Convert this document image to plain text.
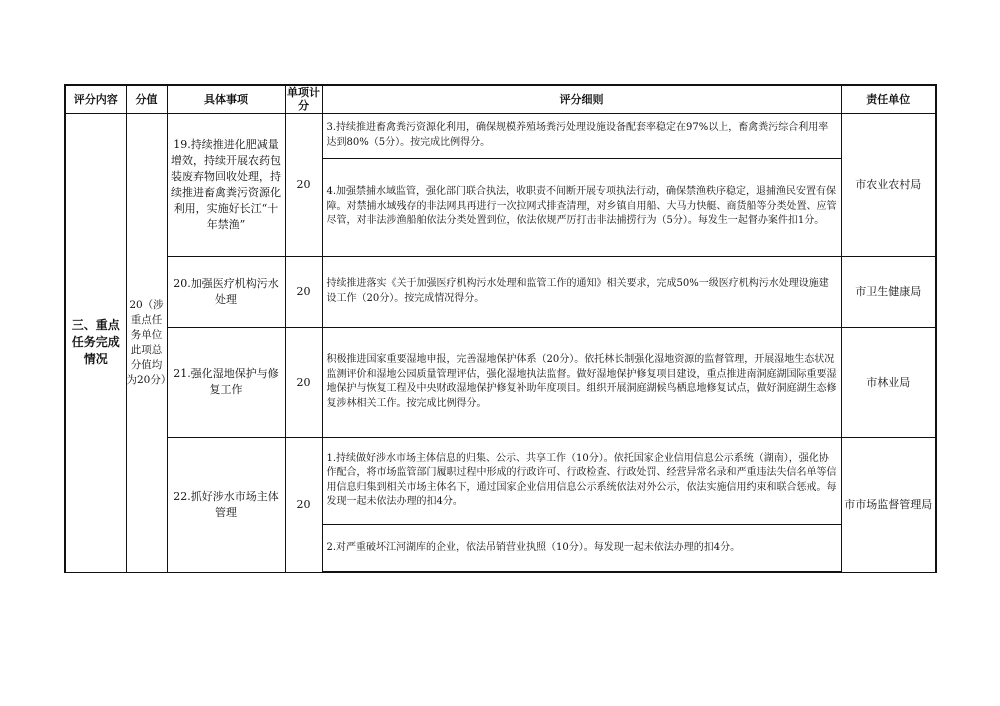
评分内容	分值	具体事项	单项计分	评分细则	责任单位
三、重点任务完成情况	20（涉重点任务单位此项总分值均为20分）	19.持续推进化肥减量增效，持续开展农药包装废弃物回收处理，持续推进畜禽粪污资源化利用，实施好长江“十年禁渔”	20	3.持续推进畜禽粪污资源化利用，确保规模养殖场粪污处理设施设备配套率稳定在97%以上，畜禽粪污综合利用率达到80%（5分）。按完成比例得分。	市农业农村局
				4.加强禁捕水域监管，强化部门联合执法，收职责不间断开展专项执法行动，确保禁渔秩序稳定，退捕渔民安置有保障。对禁捕水域残存的非法网具再进行一次拉网式排查清理，对乡镇自用船、大马力快艇、商货船等分类处置、应管尽管，对非法涉渔船舶依法分类处置到位，依法依规严厉打击非法捕捞行为（5分）。每发生一起督办案件扣1分。	
		20.加强医疗机构污水处理	20	持续推进落实《关于加强医疗机构污水处理和监管工作的通知》相关要求，完成50%一级医疗机构污水处理设施建设工作（20分）。按完成情况得分。	市卫生健康局
		21.强化湿地保护与修复工作	20	积极推进国家重要湿地申报，完善湿地保护体系（20分）。依托林长制强化湿地资源的监督管理，开展湿地生态状况监测评价和湿地公园质量管理评估，强化湿地执法监督。做好湿地保护修复项目建设，重点推进南洞庭湖国际重要湿地保护与恢复工程及中央财政湿地保护修复补助年度项目。组织开展洞庭湖候鸟栖息地修复试点，做好洞庭湖生态修复涉林相关工作。按完成比例得分。	市林业局
		22.抓好涉水市场主体管理	20	1.持续做好涉水市场主体信息的归集、公示、共享工作（10分）。依托国家企业信用信息公示系统（湖南），强化协作配合，将市场监管部门履职过程中形成的行政许可、行政检查、行政处罚、经营异常名录和严重违法失信名单等信用信息归集到相关市场主体名下，通过国家企业信用信息公示系统依法对外公示，依法实施信用约束和联合惩戒。每发现一起未依法办理的扣4分。	市市场监督管理局
				2.对严重破坏江河湖库的企业，依法吊销营业执照（10分）。每发现一起未依法办理的扣4分。	
